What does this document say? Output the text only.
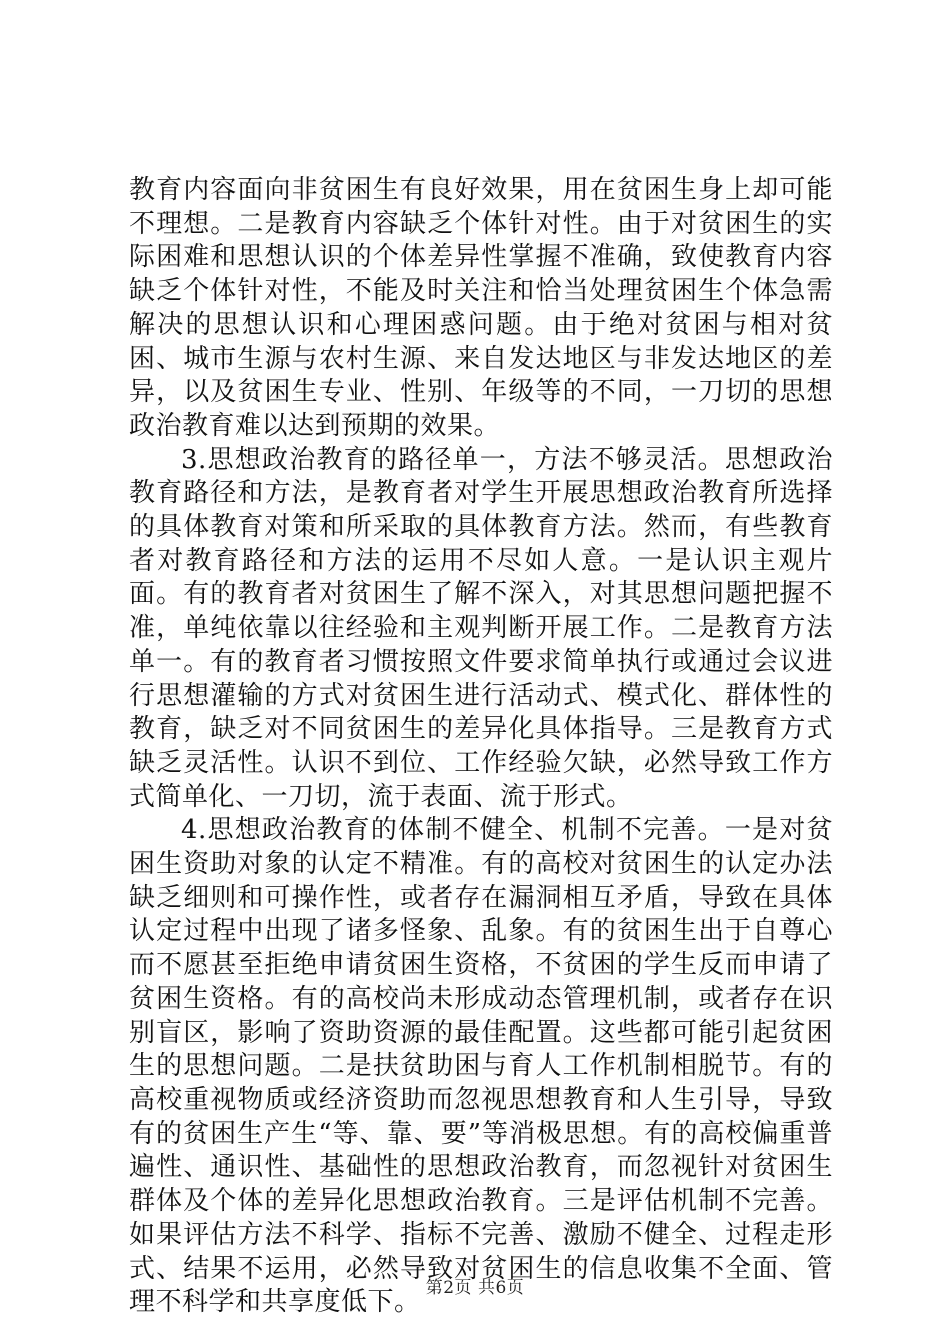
教育内容面向非贫困生有良好效果，用在贫困生身上却可能不理想。二是教育内容缺乏个体针对性。由于对贫困生的实际困难和思想认识的个体差异性掌握不准确，致使教育内容缺乏个体针对性，不能及时关注和恰当处理贫困生个体急需解决的思想认识和心理困惑问题。由于绝对贫困与相对贫困、城市生源与农村生源、来自发达地区与非发达地区的差异，以及贫困生专业、性别、年级等的不同，一刀切的思想政治教育难以达到预期的效果。

3.思想政治教育的路径单一，方法不够灵活。思想政治教育路径和方法，是教育者对学生开展思想政治教育所选择的具体教育对策和所采取的具体教育方法。然而，有些教育者对教育路径和方法的运用不尽如人意。一是认识主观片面。有的教育者对贫困生了解不深入，对其思想问题把握不准，单纯依靠以往经验和主观判断开展工作。二是教育方法单一。有的教育者习惯按照文件要求简单执行或通过会议进行思想灌输的方式对贫困生进行活动式、模式化、群体性的教育，缺乏对不同贫困生的差异化具体指导。三是教育方式缺乏灵活性。认识不到位、工作经验欠缺，必然导致工作方式简单化、一刀切，流于表面、流于形式。

4.思想政治教育的体制不健全、机制不完善。一是对贫困生资助对象的认定不精准。有的高校对贫困生的认定办法缺乏细则和可操作性，或者存在漏洞相互矛盾，导致在具体认定过程中出现了诸多怪象、乱象。有的贫困生出于自尊心而不愿甚至拒绝申请贫困生资格，不贫困的学生反而申请了贫困生资格。有的高校尚未形成动态管理机制，或者存在识别盲区，影响了资助资源的最佳配置。这些都可能引起贫困生的思想问题。二是扶贫助困与育人工作机制相脱节。有的高校重视物质或经济资助而忽视思想教育和人生引导，导致有的贫困生产生“等、靠、要”等消极思想。有的高校偏重普遍性、通识性、基础性的思想政治教育，而忽视针对贫困生群体及个体的差异化思想政治教育。三是评估机制不完善。如果评估方法不科学、指标不完善、激励不健全、过程走形式、结果不运用，必然导致对贫困生的信息收集不全面、管理不科学和共享度低下。 第2页 共6页
